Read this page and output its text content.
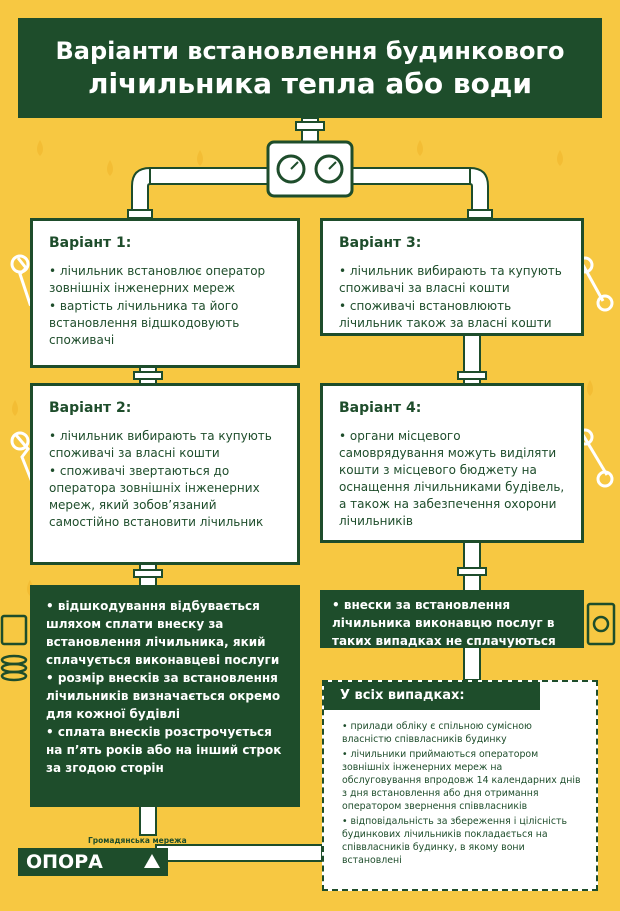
Варіанти встановлення будинкового
лічильника тепла або води
Варіант 1:
• лічильник встановлює оператор зовнішніх інженерних мереж
• вартість лічильника та його встановлення відшкодовують споживачі
Варіант 3:
• лічильник вибирають та купують споживачі за власні кошти
• споживачі встановлюють лічильник також за власні кошти
Варіант 2:
• лічильник вибирають та купують споживачі за власні кошти
• споживачі звертаються до оператора зовнішніх інженерних мереж, який зобов’язаний самостійно встановити лічильник
Варіант 4:
• органи місцевого самоврядування можуть виділяти кошти з місцевого бюджету на оснащення лічильниками будівель, а також на забезпечення охорони лічильників
• відшкодування відбувається шляхом сплати внеску за встановлення лічильника, який сплачується виконавцеві послуги
• розмір внесків за встановлення лічильників визначається окремо для кожної будівлі
• сплата внесків розстрочується на п’ять років або на інший строк за згодою сторін
• внески за встановлення лічильника виконавцю послуг в таких випадках не сплачуються
У всіх випадках:
• прилади обліку є спільною сумісною власністю співвласників будинку
• лічильники приймаються оператором зовнішніх інженерних мереж на обслуговування впродовж 14 календарних днів з дня встановлення або дня отримання оператором звернення співвласників
• відповідальність за збереження і цілісність будинкових лічильників покладається на співвласників будинку, в якому вони встановлені
Громадянська мережа
ОПОРА
